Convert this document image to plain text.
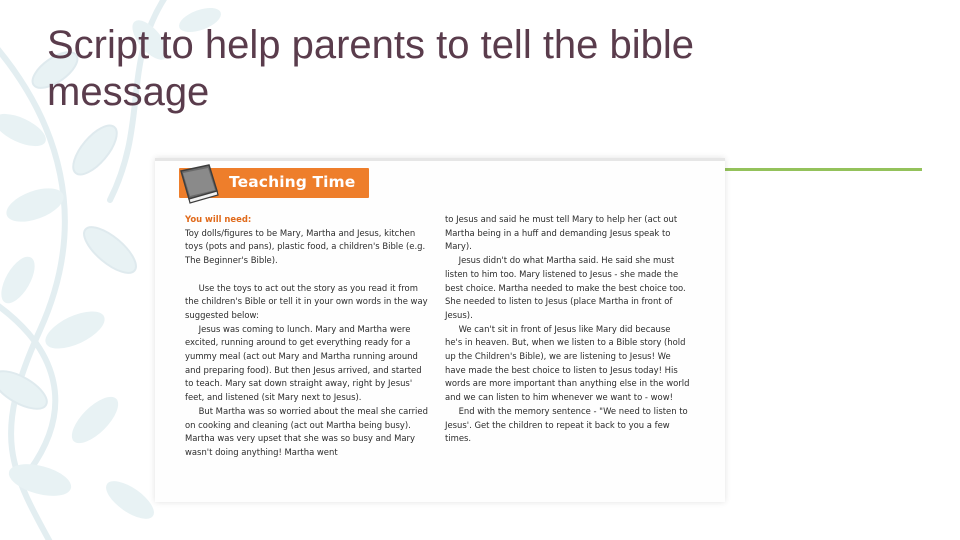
Script to help parents to tell the bible message
Teaching Time

You will need:

Toy dolls/figures to be Mary, Martha and Jesus, kitchen toys (pots and pans), plastic food, a children's Bible (e.g. The Beginner's Bible).

Use the toys to act out the story as you read it from the children's Bible or tell it in your own words in the way suggested below:

Jesus was coming to lunch. Mary and Martha were excited, running around to get everything ready for a yummy meal (act out Mary and Martha running around and preparing food). But then Jesus arrived, and started to teach. Mary sat down straight away, right by Jesus' feet, and listened (sit Mary next to Jesus).

But Martha was so worried about the meal she carried on cooking and cleaning (act out Martha being busy). Martha was very upset that she was so busy and Mary wasn't doing anything! Martha went

to Jesus and said he must tell Mary to help her (act out Martha being in a huff and demanding Jesus speak to Mary).

Jesus didn't do what Martha said. He said she must listen to him too. Mary listened to Jesus - she made the best choice. Martha needed to make the best choice too. She needed to listen to Jesus (place Martha in front of Jesus).

We can't sit in front of Jesus like Mary did because he's in heaven. But, when we listen to a Bible story (hold up the Children's Bible), we are listening to Jesus! We have made the best choice to listen to Jesus today! His words are more important than anything else in the world and we can listen to him whenever we want to - wow!

End with the memory sentence - "We need to listen to Jesus'. Get the children to repeat it back to you a few times.
